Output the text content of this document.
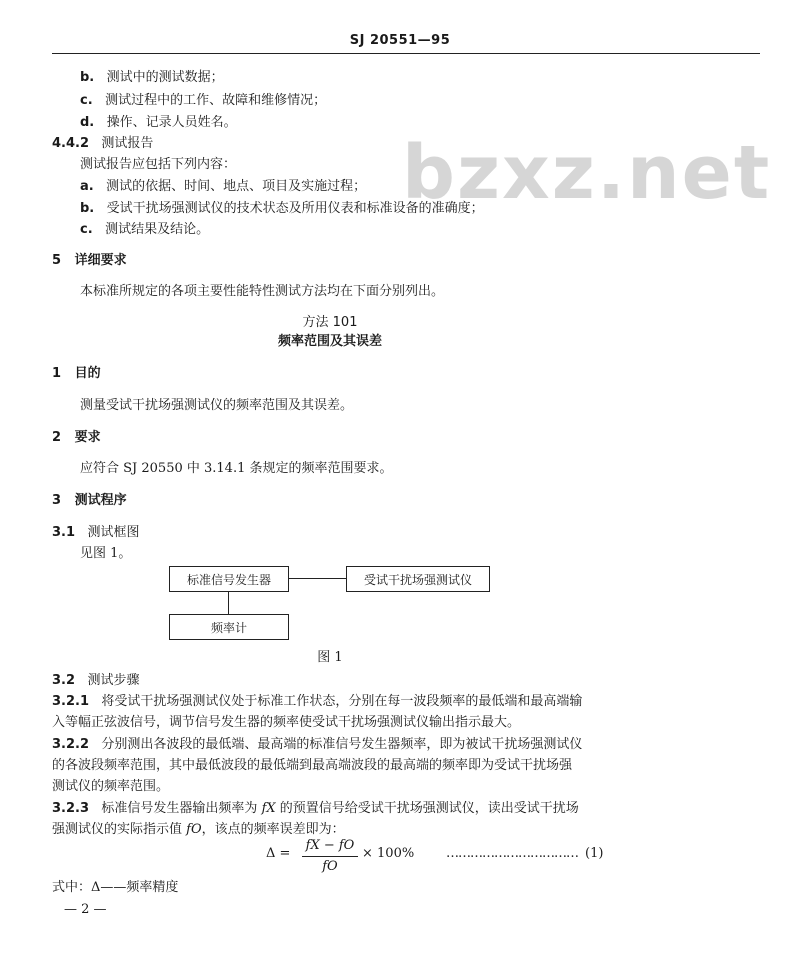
SJ 20551—95
bzxz.net
b. 测试中的测试数据；
c. 测试过程中的工作、故障和维修情况；
d. 操作、记录人员姓名。
4.4.2 测试报告
测试报告应包括下列内容：
a. 测试的依据、时间、地点、项目及实施过程；
b. 受试干扰场强测试仪的技术状态及所用仪表和标准设备的准确度；
c. 测试结果及结论。
5 详细要求
本标准所规定的各项主要性能特性测试方法均在下面分别列出。
方法 101
频率范围及其误差
1 目的
测量受试干扰场强测试仪的频率范围及其误差。
2 要求
应符合 SJ 20550 中 3.14.1 条规定的频率范围要求。
3 测试程序
3.1 测试框图
见图 1。
标准信号发生器	受试干扰场强测试仪
频率计
图 1
3.2 测试步骤
3.2.1 将受试干扰场强测试仪处于标准工作状态，分别在每一波段频率的最低端和最高端输
入等幅正弦波信号，调节信号发生器的频率使受试干扰场强测试仪输出指示最大。
3.2.2 分别测出各波段的最低端、最高端的标准信号发生器频率，即为被试干扰场强测试仪
的各波段频率范围，其中最低波段的最低端到最高端波段的最高端的频率即为受试干扰场强
测试仪的频率范围。
3.2.3 标准信号发生器输出频率为 fX 的预置信号给受试干扰场强测试仪，读出受试干扰场
强测试仪的实际指示值 fO，该点的频率误差即为：
Δ =
fX − fO
fO
× 100% …………………………… (1)
式中：Δ——频率精度
— 2 —
